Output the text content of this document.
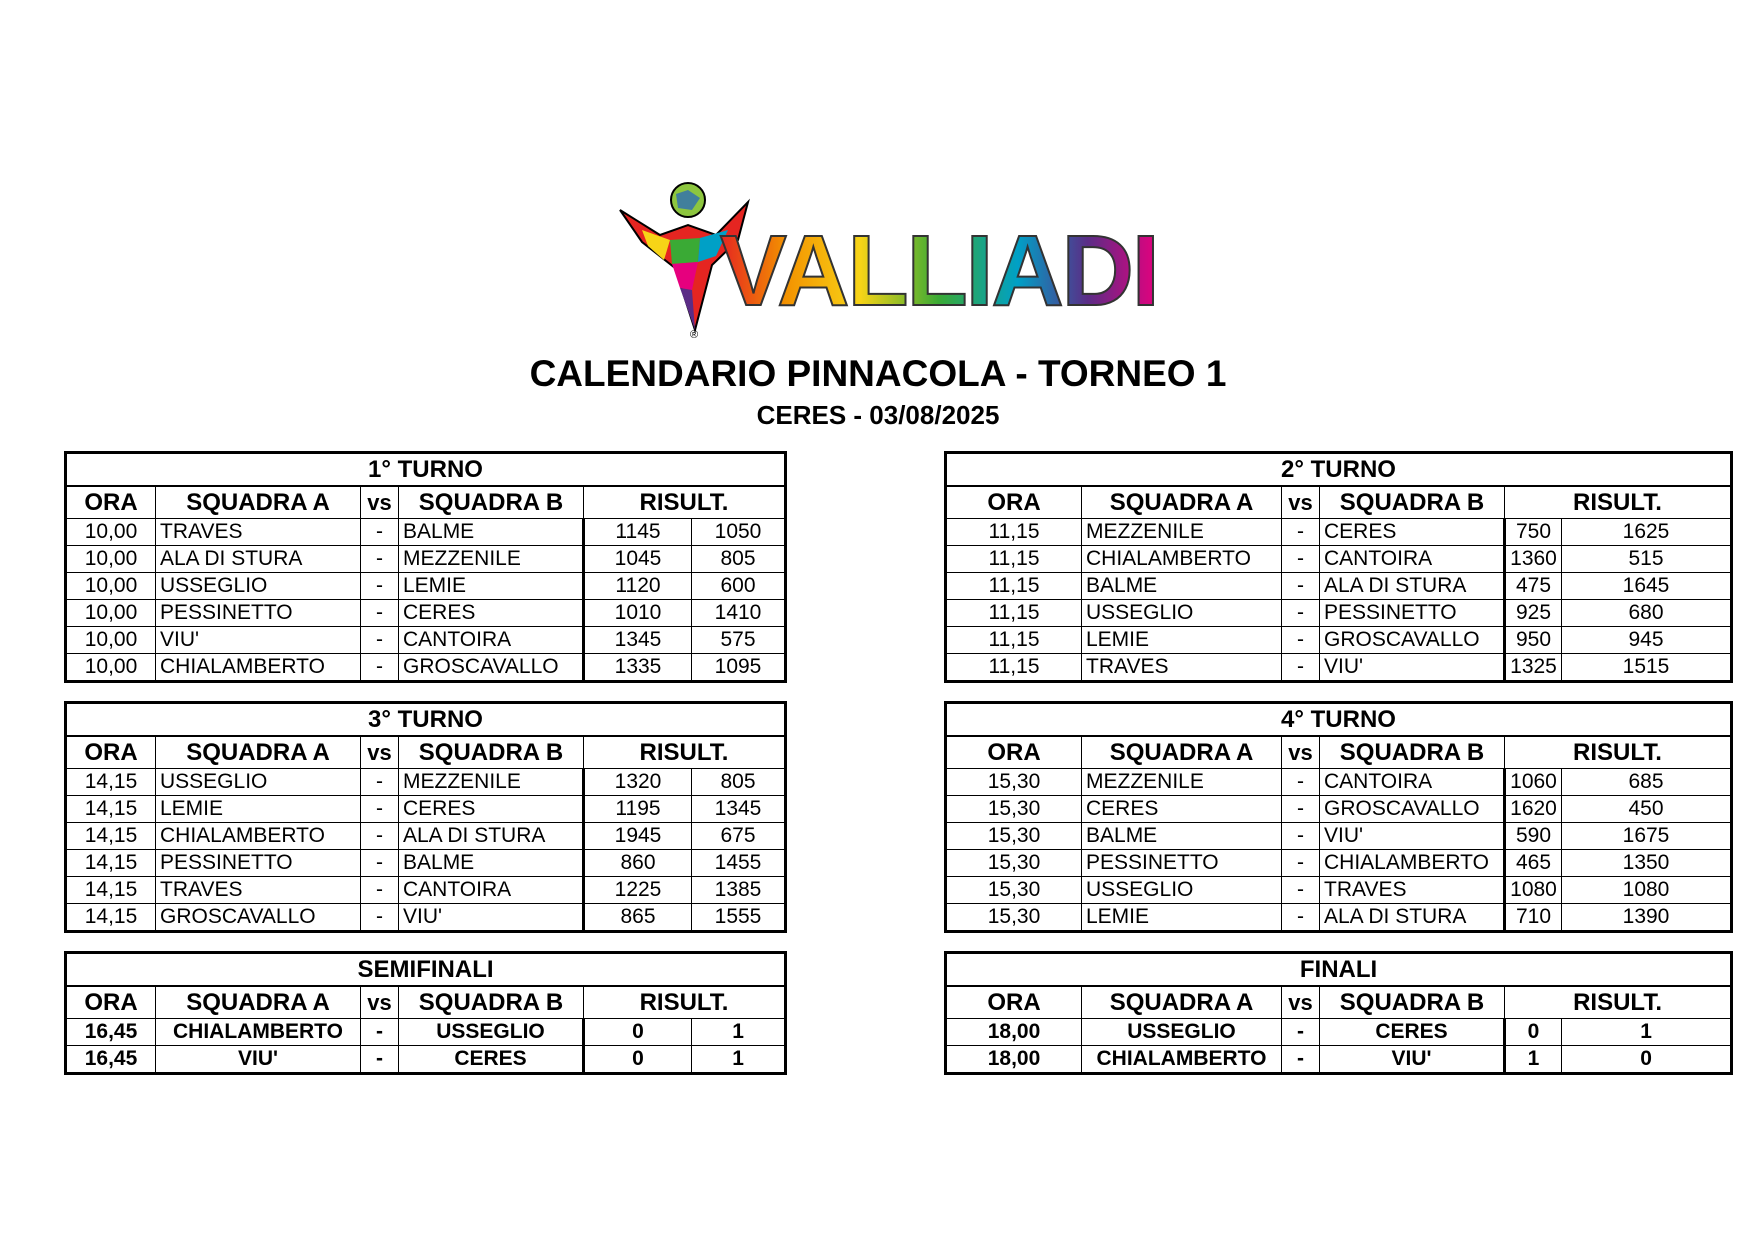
®
VALLIADI
CALENDARIO PINNACOLA - TORNEO 1
CERES - 03/08/2025
1° TURNO					
ORA	SQUADRA A	vs	SQUADRA B	RISULT.	
10,00	TRAVES	-	BALME	1145	1050
10,00	ALA DI STURA	-	MEZZENILE	1045	805
10,00	USSEGLIO	-	LEMIE	1120	600
10,00	PESSINETTO	-	CERES	1010	1410
10,00	VIU'	-	CANTOIRA	1345	575
10,00	CHIALAMBERTO	-	GROSCAVALLO	1335	1095
2° TURNO					
ORA	SQUADRA A	vs	SQUADRA B	RISULT.	
11,15	MEZZENILE	-	CERES	750	1625
11,15	CHIALAMBERTO	-	CANTOIRA	1360	515
11,15	BALME	-	ALA DI STURA	475	1645
11,15	USSEGLIO	-	PESSINETTO	925	680
11,15	LEMIE	-	GROSCAVALLO	950	945
11,15	TRAVES	-	VIU'	1325	1515
3° TURNO					
ORA	SQUADRA A	vs	SQUADRA B	RISULT.	
14,15	USSEGLIO	-	MEZZENILE	1320	805
14,15	LEMIE	-	CERES	1195	1345
14,15	CHIALAMBERTO	-	ALA DI STURA	1945	675
14,15	PESSINETTO	-	BALME	860	1455
14,15	TRAVES	-	CANTOIRA	1225	1385
14,15	GROSCAVALLO	-	VIU'	865	1555
4° TURNO					
ORA	SQUADRA A	vs	SQUADRA B	RISULT.	
15,30	MEZZENILE	-	CANTOIRA	1060	685
15,30	CERES	-	GROSCAVALLO	1620	450
15,30	BALME	-	VIU'	590	1675
15,30	PESSINETTO	-	CHIALAMBERTO	465	1350
15,30	USSEGLIO	-	TRAVES	1080	1080
15,30	LEMIE	-	ALA DI STURA	710	1390
SEMIFINALI					
ORA	SQUADRA A	vs	SQUADRA B	RISULT.	
16,45	CHIALAMBERTO	-	USSEGLIO	0	1
16,45	VIU'	-	CERES	0	1
FINALI					
ORA	SQUADRA A	vs	SQUADRA B	RISULT.	
18,00	USSEGLIO	-	CERES	0	1
18,00	CHIALAMBERTO	-	VIU'	1	0
